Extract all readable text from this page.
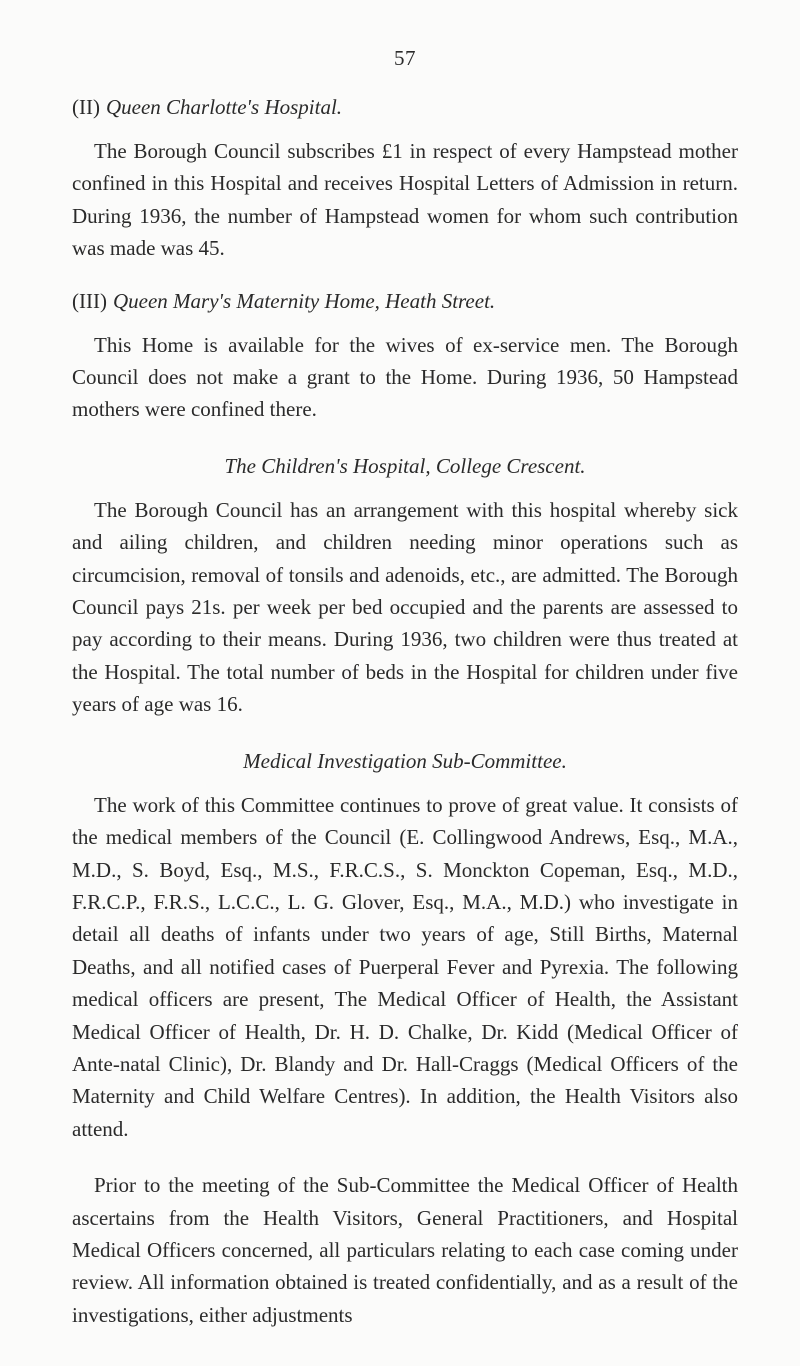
57
(II) Queen Charlotte's Hospital.

The Borough Council subscribes £1 in respect of every Hampstead mother confined in this Hospital and receives Hospital Letters of Admission in return. During 1936, the number of Hampstead women for whom such contribution was made was 45.

(III) Queen Mary's Maternity Home, Heath Street.

This Home is available for the wives of ex-service men. The Borough Council does not make a grant to the Home. During 1936, 50 Hampstead mothers were confined there.

The Children's Hospital, College Crescent.

The Borough Council has an arrangement with this hospital whereby sick and ailing children, and children needing minor operations such as circumcision, removal of tonsils and adenoids, etc., are admitted. The Borough Council pays 21s. per week per bed occupied and the parents are assessed to pay according to their means. During 1936, two children were thus treated at the Hospital. The total number of beds in the Hospital for children under five years of age was 16.

Medical Investigation Sub-Committee.

The work of this Committee continues to prove of great value. It consists of the medical members of the Council (E. Collingwood Andrews, Esq., M.A., M.D., S. Boyd, Esq., M.S., F.R.C.S., S. Monckton Copeman, Esq., M.D., F.R.C.P., F.R.S., L.C.C., L. G. Glover, Esq., M.A., M.D.) who investigate in detail all deaths of infants under two years of age, Still Births, Maternal Deaths, and all notified cases of Puerperal Fever and Pyrexia. The following medical officers are present, The Medical Officer of Health, the Assistant Medical Officer of Health, Dr. H. D. Chalke, Dr. Kidd (Medical Officer of Ante-natal Clinic), Dr. Blandy and Dr. Hall-Craggs (Medical Officers of the Maternity and Child Welfare Centres). In addition, the Health Visitors also attend.

Prior to the meeting of the Sub-Committee the Medical Officer of Health ascertains from the Health Visitors, General Practitioners, and Hospital Medical Officers concerned, all particulars relating to each case coming under review. All information obtained is treated confidentially, and as a result of the investigations, either adjustments
